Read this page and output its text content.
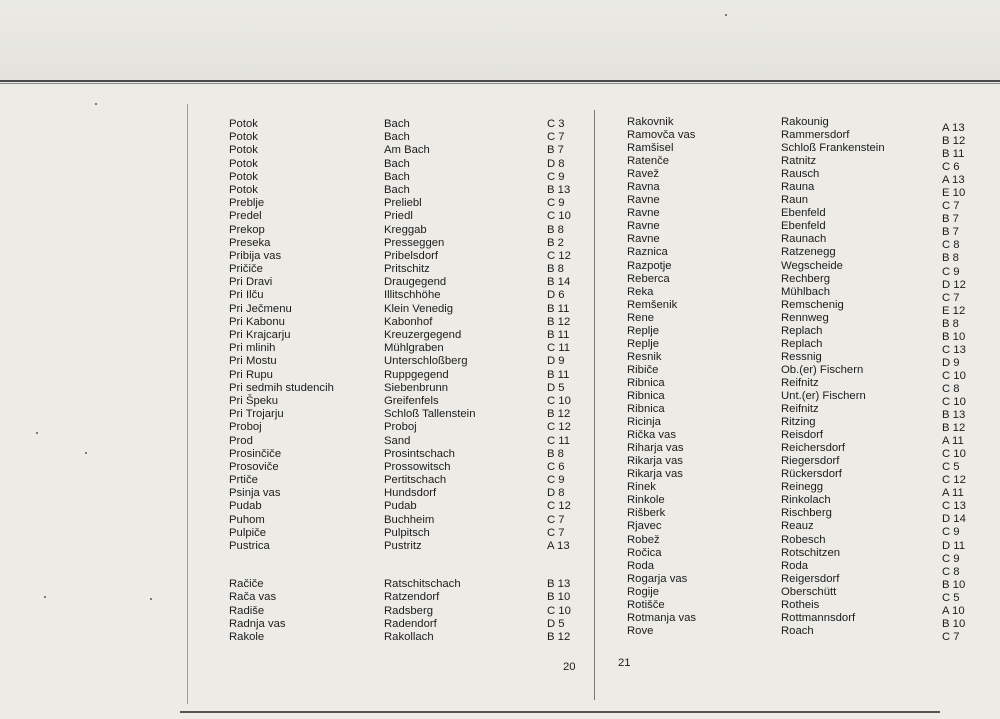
Potok
Potok
Potok
Potok
Potok
Potok
Preblje
Predel
Prekop
Preseka
Pribija vas
Pričiče
Pri Dravi
Pri Ilču
Pri Ječmenu
Pri Kabonu
Pri Krajcarju
Pri mlinih
Pri Mostu
Pri Rupu
Pri sedmih studencih
Pri Špeku
Pri Trojarju
Proboj
Prod
Prosinčiče
Prosoviče
Prtiče
Psinja vas
Pudab
Puhom
Pulpiče
Pustrica
Račiče
Rača vas
Radiše
Radnja vas
Rakole
Bach
Bach
Am Bach
Bach
Bach
Bach
Preliebl
Priedl
Kreggab
Presseggen
Pribelsdorf
Pritschitz
Draugegend
Illitschhöhe
Klein Venedig
Kabonhof
Kreuzergegend
Mühlgraben
Unterschloßberg
Ruppgegend
Siebenbrunn
Greifenfels
Schloß Tallenstein
Proboj
Sand
Prosintschach
Prossowitsch
Pertitschach
Hundsdorf
Pudab
Buchheim
Pulpitsch
Pustritz
Ratschitschach
Ratzendorf
Radsberg
Radendorf
Rakollach
C 3
C 7
B 7
D 8
C 9
B 13
C 9
C 10
B 8
B 2
C 12
B 8
B 14
D 6
B 11
B 12
B 11
C 11
D 9
B 11
D 5
C 10
B 12
C 12
C 11
B 8
C 6
C 9
D 8
C 12
C 7
C 7
A 13
B 13
B 10
C 10
D 5
B 12
20
Rakovnik
Ramovča vas
Ramšisel
Ratenče
Ravež
Ravna
Ravne
Ravne
Ravne
Ravne
Raznica
Razpotje
Reberca
Reka
Remšenik
Rene
Replje
Replje
Resnik
Ribiče
Ribnica
Ribnica
Ribnica
Ricinja
Rička vas
Riharja vas
Rikarja vas
Rikarja vas
Rinek
Rinkole
Rišberk
Rjavec
Robež
Ročica
Roda
Rogarja vas
Rogije
Rotišče
Rotmanja vas
Rove
Rakounig
Rammersdorf
Schloß Frankenstein
Ratnitz
Rausch
Rauna
Raun
Ebenfeld
Ebenfeld
Raunach
Ratzenegg
Wegscheide
Rechberg
Mühlbach
Remschenig
Rennweg
Replach
Replach
Ressnig
Ob.(er) Fischern
Reifnitz
Unt.(er) Fischern
Reifnitz
Ritzing
Reisdorf
Reichersdorf
Riegersdorf
Rückersdorf
Reinegg
Rinkolach
Rischberg
Reauz
Robesch
Rotschitzen
Roda
Reigersdorf
Oberschütt
Rotheis
Rottmannsdorf
Roach
A 13
B 12
B 11
C 6
A 13
E 10
C 7
B 7
B 7
C 8
B 8
C 9
D 12
C 7
E 12
B 8
B 10
C 13
D 9
C 10
C 8
C 10
B 13
B 12
A 11
C 10
C 5
C 12
A 11
C 13
D 14
C 9
D 11
C 9
C 8
B 10
C 5
A 10
B 10
C 7
21
